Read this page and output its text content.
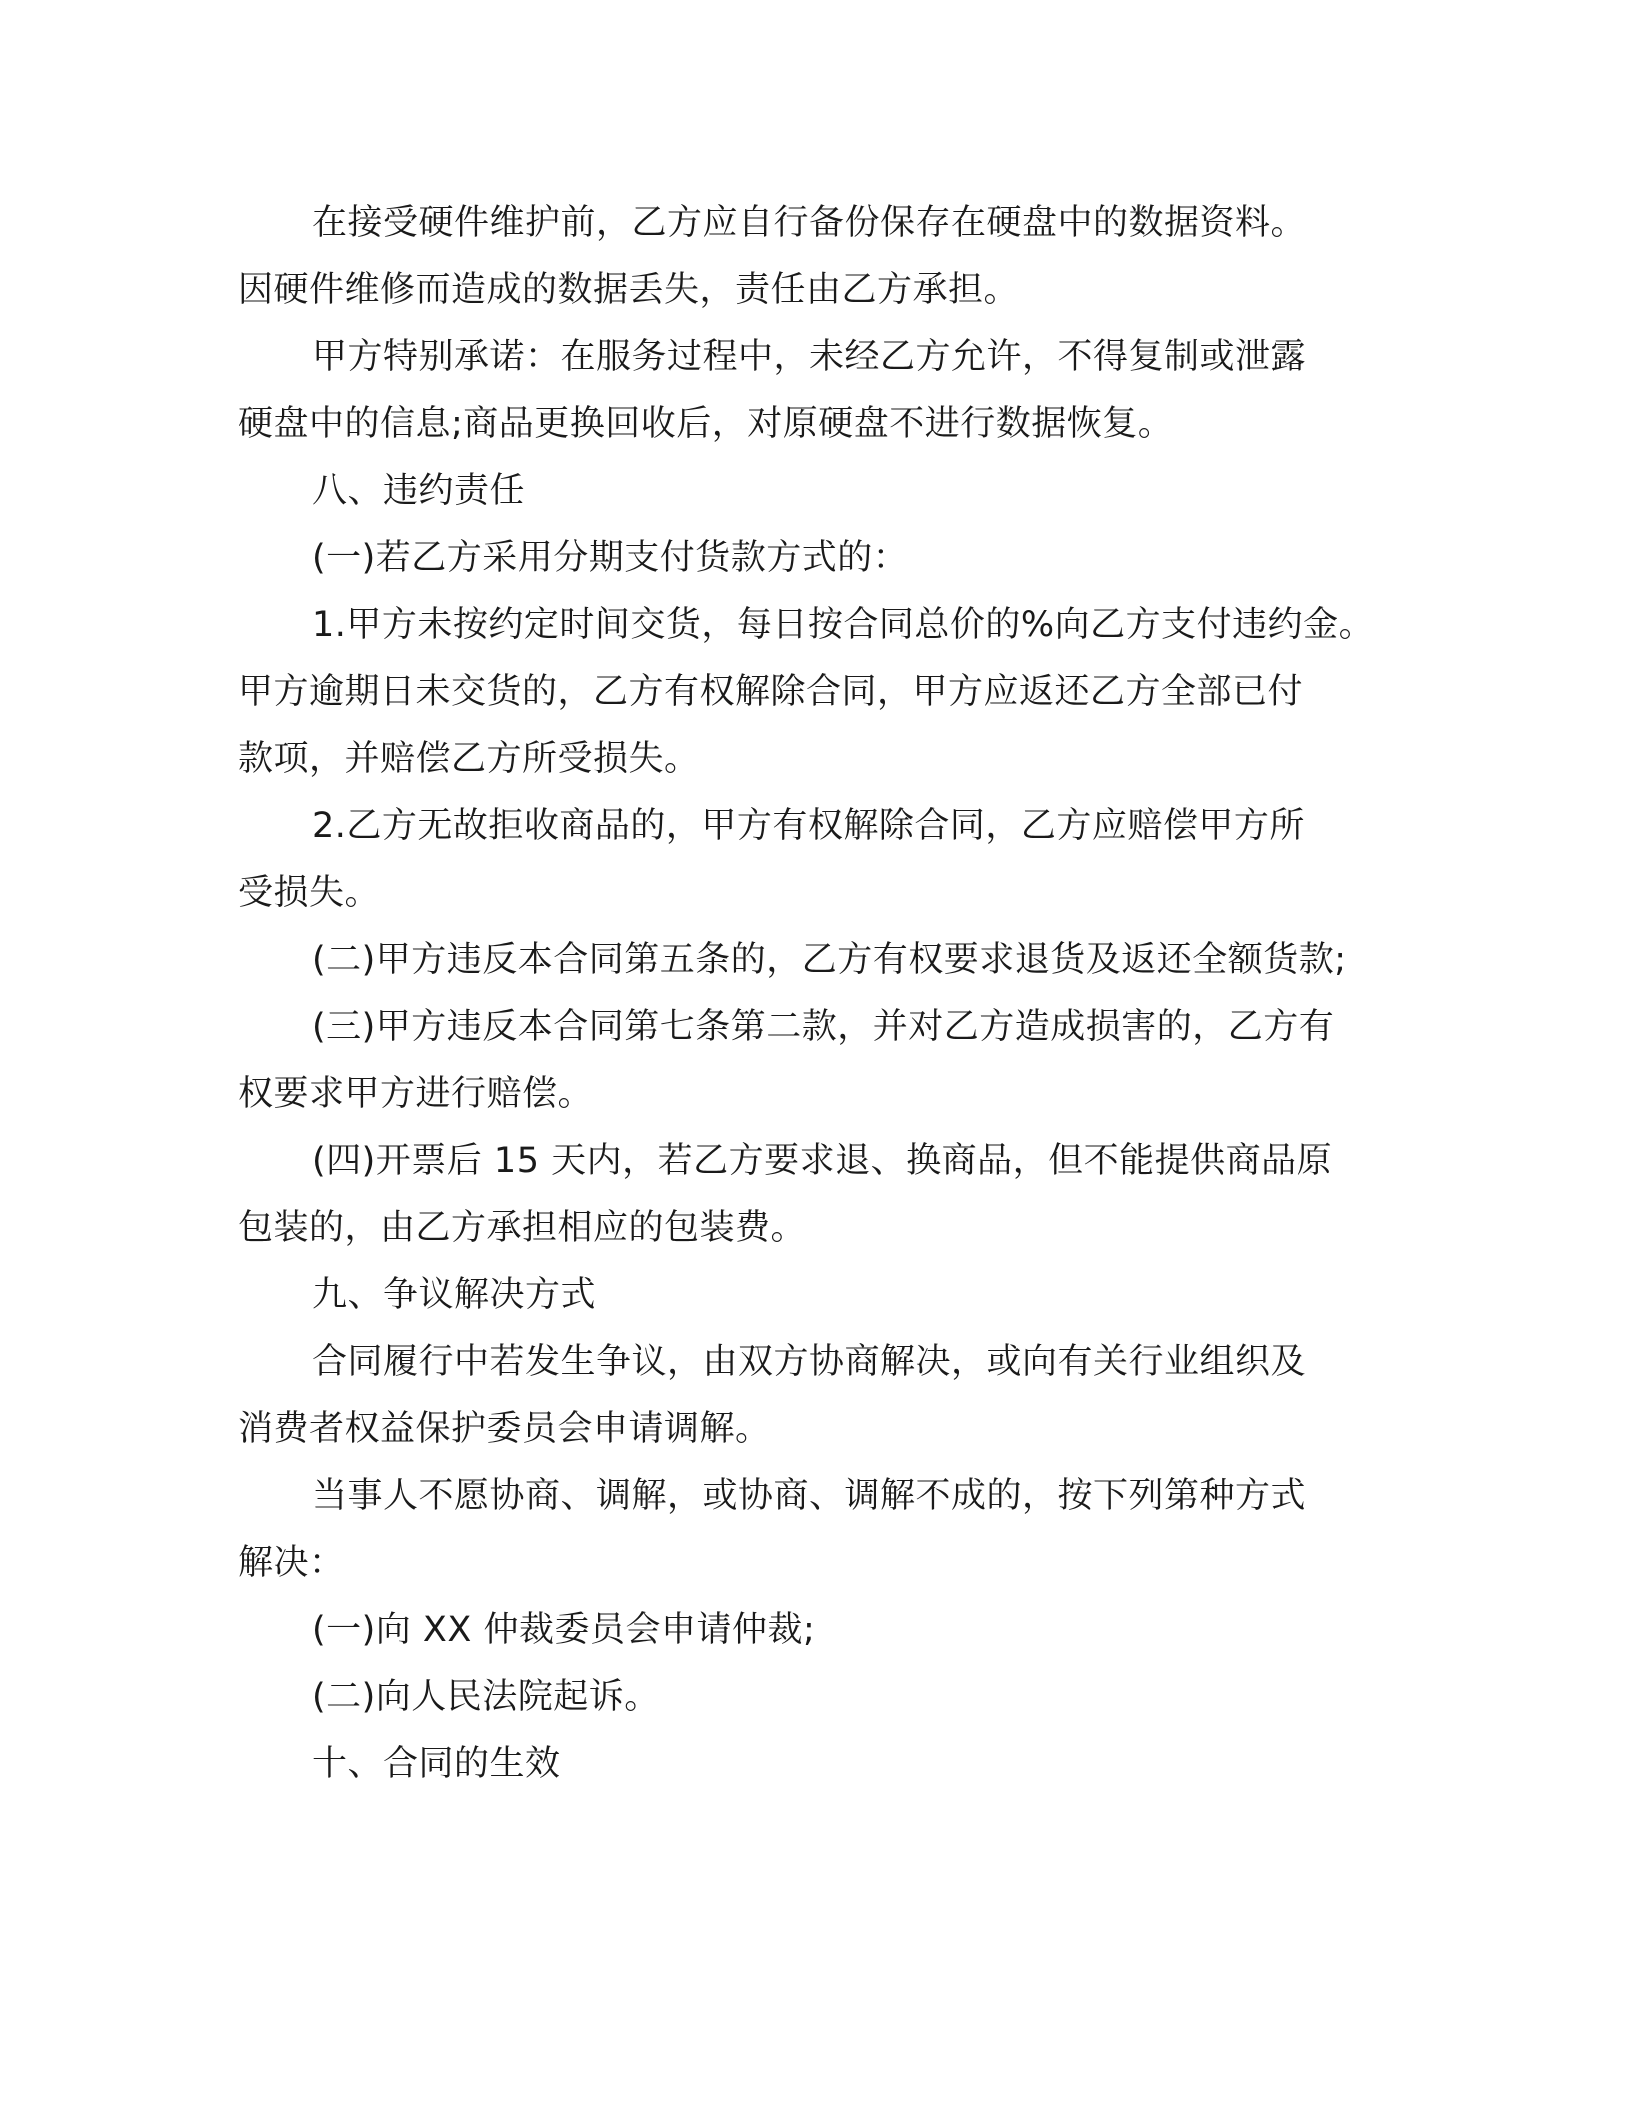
在接受硬件维护前，乙方应自行备份保存在硬盘中的数据资料。
因硬件维修而造成的数据丢失，责任由乙方承担。
甲方特别承诺：在服务过程中，未经乙方允许，不得复制或泄露
硬盘中的信息;商品更换回收后，对原硬盘不进行数据恢复。
八、违约责任
(一)若乙方采用分期支付货款方式的：
1.甲方未按约定时间交货，每日按合同总价的%向乙方支付违约金。
甲方逾期日未交货的，乙方有权解除合同，甲方应返还乙方全部已付
款项，并赔偿乙方所受损失。
2.乙方无故拒收商品的，甲方有权解除合同，乙方应赔偿甲方所
受损失。
(二)甲方违反本合同第五条的，乙方有权要求退货及返还全额货款;
(三)甲方违反本合同第七条第二款，并对乙方造成损害的，乙方有
权要求甲方进行赔偿。
(四)开票后 15 天内，若乙方要求退、换商品，但不能提供商品原
包装的，由乙方承担相应的包装费。
九、争议解决方式
合同履行中若发生争议，由双方协商解决，或向有关行业组织及
消费者权益保护委员会申请调解。
当事人不愿协商、调解，或协商、调解不成的，按下列第种方式
解决：
(一)向 XX 仲裁委员会申请仲裁;
(二)向人民法院起诉。
十、合同的生效
